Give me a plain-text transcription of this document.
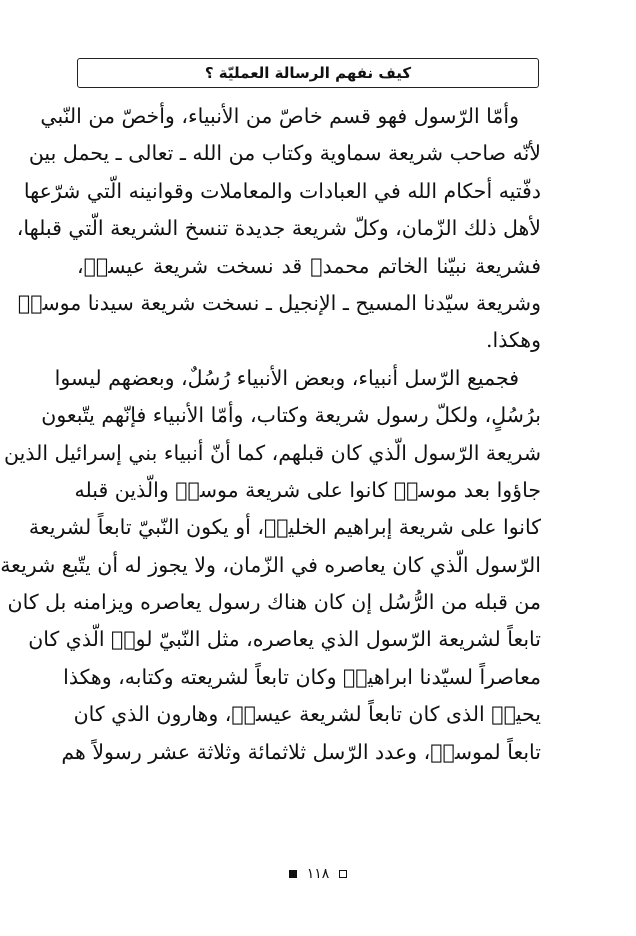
كيف نفهم الرسالة العمليّة ؟
وأمّا الرّسول فهو قسم خاصّ من الأنبياء، وأخصّ من النّبي
لأنّه صاحب شريعة سماوية وكتاب من الله ـ تعالى ـ يحمل بين
دفّتيه أحكام الله في العبادات والمعاملات وقوانينه الّتي شرّعها
لأهل ذلك الزّمان، وكلّ شريعة جديدة تنسخ الشريعة الّتي قبلها،
فشريعة نبيّنا الخاتم محمدﷺ قد نسخت شريعة عيسىؑ،
وشريعة سيّدنا المسيح ـ الإنجيل ـ نسخت شريعة سيدنا موسىؑ
وهكذا.
فجميع الرّسل أنبياء، وبعض الأنبياء رُسُلٌ، وبعضهم ليسوا
برُسُلٍ، ولكلّ رسول شريعة وكتاب، وأمّا الأنبياء فإنّهم يتّبعون
شريعة الرّسول الّذي كان قبلهم، كما أنّ أنبياء بني إسرائيل الذين
جاؤوا بعد موسىؑ كانوا على شريعة موسىؑ والّذين قبله
كانوا على شريعة إبراهيم الخليلؑ، أو يكون النّبيّ تابعاً لشريعة
الرّسول الّذي كان يعاصره في الزّمان، ولا يجوز له أن يتّبع شريعة
من قبله من الرُّسُل إن كان هناك رسول يعاصره ويزامنه بل كان
تابعاً لشريعة الرّسول الذي يعاصره، مثل النّبيّ لوطؑ الّذي كان
معاصراً لسيّدنا ابراهيمؑ وكان تابعاً لشريعته وكتابه، وهكذا
يحييؑ الذى كان تابعاً لشريعة عيسىؑ، وهارون الذي كان
تابعاً لموسىؑ، وعدد الرّسل ثلاثمائة وثلاثة عشر رسولاً هم
١١٨
